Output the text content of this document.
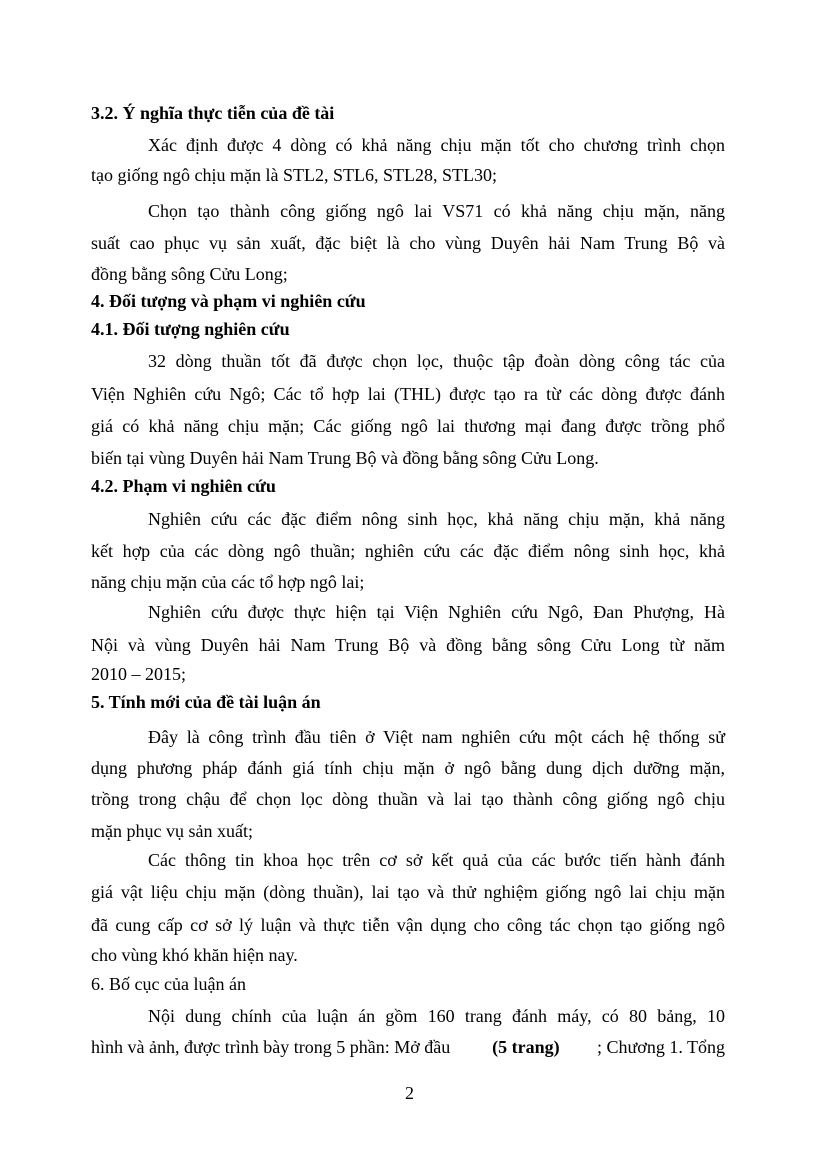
3.2. Ý nghĩa thực tiễn của đề tài
Xác định được 4 dòng có khả năng chịu mặn tốt cho chương trình chọn
tạo giống ngô chịu mặn là STL2, STL6, STL28, STL30;
Chọn tạo thành công giống ngô lai VS71 có khả năng chịu mặn, năng
suất cao phục vụ sản xuất, đặc biệt là cho vùng Duyên hải Nam Trung Bộ và
đồng bằng sông Cửu Long;
4. Đối tượng và phạm vi nghiên cứu
4.1. Đối tượng nghiên cứu
32 dòng thuần tốt đã được chọn lọc, thuộc tập đoàn dòng công tác của
Viện Nghiên cứu Ngô; Các tổ hợp lai (THL) được tạo ra từ các dòng được đánh
giá có khả năng chịu mặn; Các giống ngô lai thương mại đang được trồng phổ
biến tại vùng Duyên hải Nam Trung Bộ và đồng bằng sông Cửu Long.
4.2. Phạm vi nghiên cứu
Nghiên cứu các đặc điểm nông sinh học, khả năng chịu mặn, khả năng
kết hợp của các dòng ngô thuần; nghiên cứu các đặc điểm nông sinh học, khả
năng chịu mặn của các tổ hợp ngô lai;
Nghiên cứu được thực hiện tại Viện Nghiên cứu Ngô, Đan Phượng, Hà
Nội và vùng Duyên hải Nam Trung Bộ và đồng bằng sông Cửu Long từ năm
2010 – 2015;
5. Tính mới của đề tài luận án
Đây là công trình đầu tiên ở Việt nam nghiên cứu một cách hệ thống sử
dụng phương pháp đánh giá tính chịu mặn ở ngô bằng dung dịch dưỡng mặn,
trồng trong chậu để chọn lọc dòng thuần và lai tạo thành công giống ngô chịu
mặn phục vụ sản xuất;
Các thông tin khoa học trên cơ sở kết quả của các bước tiến hành đánh
giá vật liệu chịu mặn (dòng thuần), lai tạo và thử nghiệm giống ngô lai chịu mặn
đã cung cấp cơ sở lý luận và thực tiễn vận dụng cho công tác chọn tạo giống ngô
cho vùng khó khăn hiện nay.
6. Bố cục của luận án
Nội dung chính của luận án gồm 160 trang đánh máy, có 80 bảng, 10
hình và ảnh, được trình bày trong 5 phần: Mở đầu (5 trang) ; Chương 1. Tổng
2
